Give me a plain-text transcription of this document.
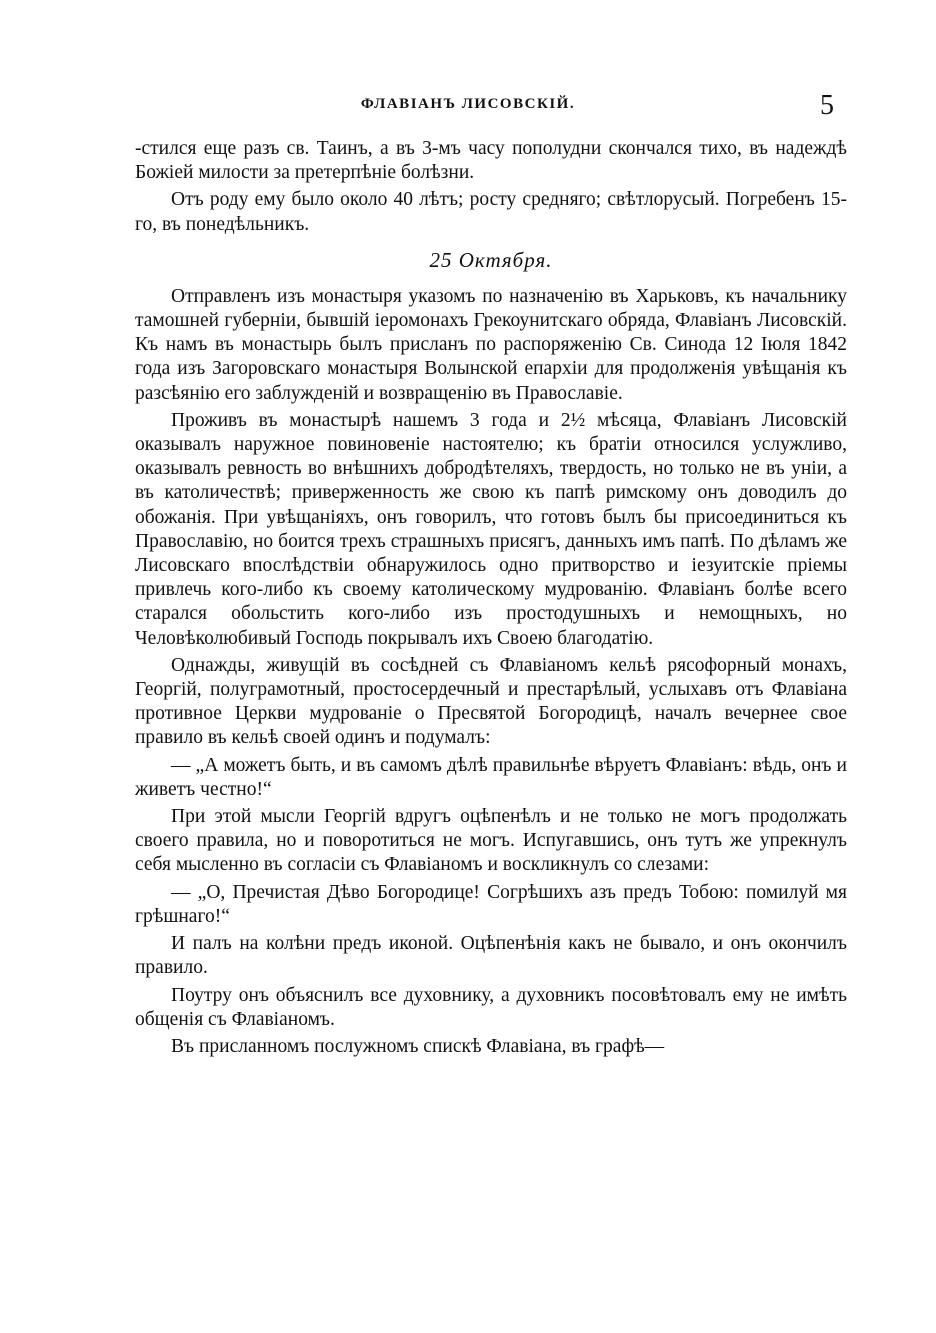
ФЛАВІАНЪ ЛИСОВСКІЙ.	5

-стился еще разъ св. Таинъ, а въ 3-мъ часу пополудни скончался тихо, въ надеждѣ Божіей милости за претерпѣніе болѣзни.

Отъ роду ему было около 40 лѣтъ; росту средняго; свѣтлорусый. Погребенъ 15-го, въ понедѣльникъ.

25 Октября.

Отправленъ изъ монастыря указомъ по назначенію въ Харьковъ, къ начальнику тамошней губерніи, бывшій іеромонахъ Грекоунитскаго обряда, Флавіанъ Лисовскій. Къ намъ въ монастырь былъ присланъ по распоряженію Св. Синода 12 Іюля 1842 года изъ Загоровскаго монастыря Волынской епархіи для продолженія увѣщанія къ разсѣянію его заблужденій и возвращенію въ Православіе.

Проживъ въ монастырѣ нашемъ 3 года и 2½ мѣсяца, Флавіанъ Лисовскій оказывалъ наружное повиновеніе настоятелю; къ братіи относился услужливо, оказывалъ ревность во внѣшнихъ добродѣтеляхъ, твердость, но только не въ уніи, а въ католичествѣ; приверженность же свою къ папѣ римскому онъ доводилъ до обожанія. При увѣщаніяхъ, онъ говорилъ, что готовъ былъ бы присоединиться къ Православію, но боится трехъ страшныхъ присягъ, данныхъ имъ папѣ. По дѣламъ же Лисовскаго впослѣдствіи обнаружилось одно притворство и іезуитскіе пріемы привлечь кого-либо къ своему католическому мудрованію. Флавіанъ болѣе всего старался обольстить кого-либо изъ простодушныхъ и немощныхъ, но Человѣколюбивый Господь покрывалъ ихъ Своею благодатію.

Однажды, живущій въ сосѣдней съ Флавіаномъ кельѣ рясофорный монахъ, Георгій, полуграмотный, простосердечный и престарѣлый, услыхавъ отъ Флавіана противное Церкви мудрованіе о Пресвятой Богородицѣ, началъ вечернее свое правило въ кельѣ своей одинъ и подумалъ:

— „А можетъ быть, и въ самомъ дѣлѣ правильнѣе вѣруетъ Флавіанъ: вѣдь, онъ и живетъ честно!“

При этой мысли Георгій вдругъ оцѣпенѣлъ и не только не могъ продолжать своего правила, но и поворотиться не могъ. Испугавшись, онъ тутъ же упрекнулъ себя мысленно въ согласіи съ Флавіаномъ и воскликнулъ со слезами:

— „О, Пречистая Дѣво Богородице! Согрѣшихъ азъ предъ Тобою: помилуй мя грѣшнаго!“

И палъ на колѣни предъ иконой. Оцѣпенѣнія какъ не бывало, и онъ окончилъ правило.

Поутру онъ объяснилъ все духовнику, а духовникъ посовѣтовалъ ему не имѣть общенія съ Флавіаномъ.

Въ присланномъ послужномъ спискѣ Флавіана, въ графѣ—
